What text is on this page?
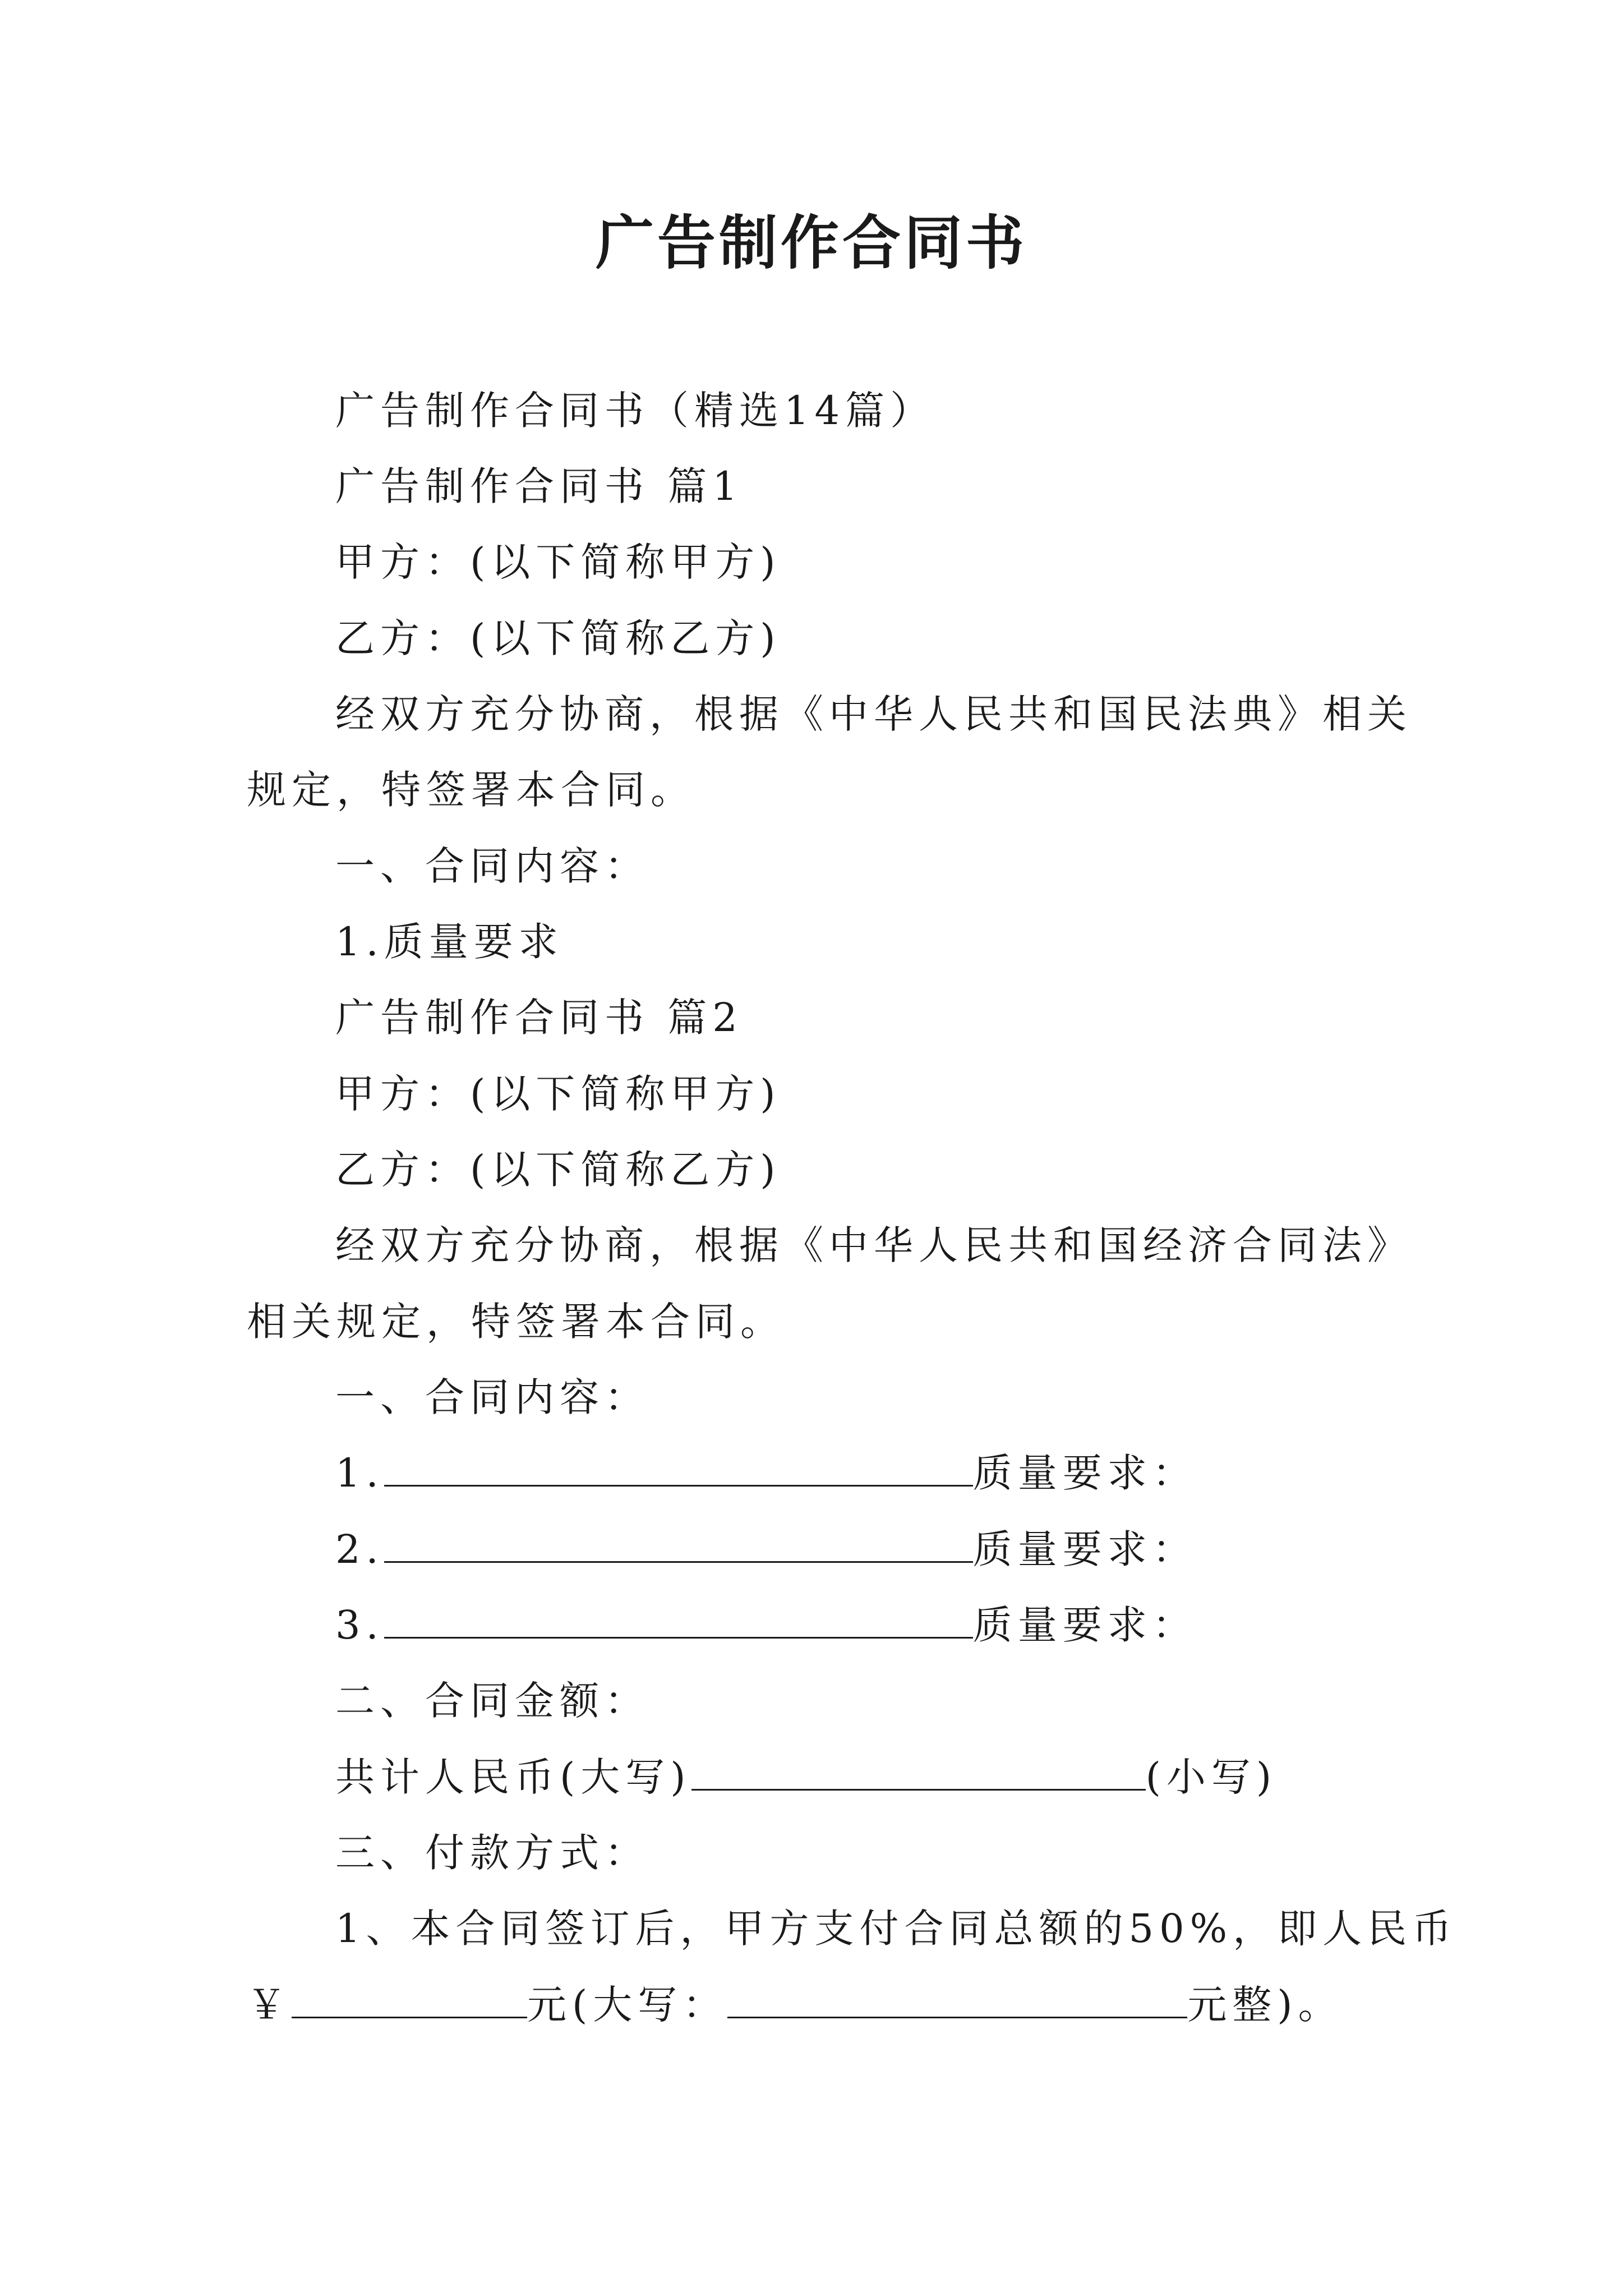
广告制作合同书

广告制作合同书（精选14篇）

广告制作合同书 篇1

甲方：(以下简称甲方)

乙方：(以下简称乙方)

经双方充分协商，根据《中华人民共和国民法典》相关

规定，特签署本合同。

一、合同内容：

1.质量要求

广告制作合同书 篇2

甲方：(以下简称甲方)

乙方：(以下简称乙方)

经双方充分协商，根据《中华人民共和国经济合同法》

相关规定，特签署本合同。

一、合同内容：

1.	质量要求：

2.	质量要求：

3.	质量要求：

二、合同金额：

共计人民币(大写)	(小写)

三、付款方式：

1、本合同签订后，甲方支付合同总额的50%，即人民币

￥	元(大写：	元整)。
